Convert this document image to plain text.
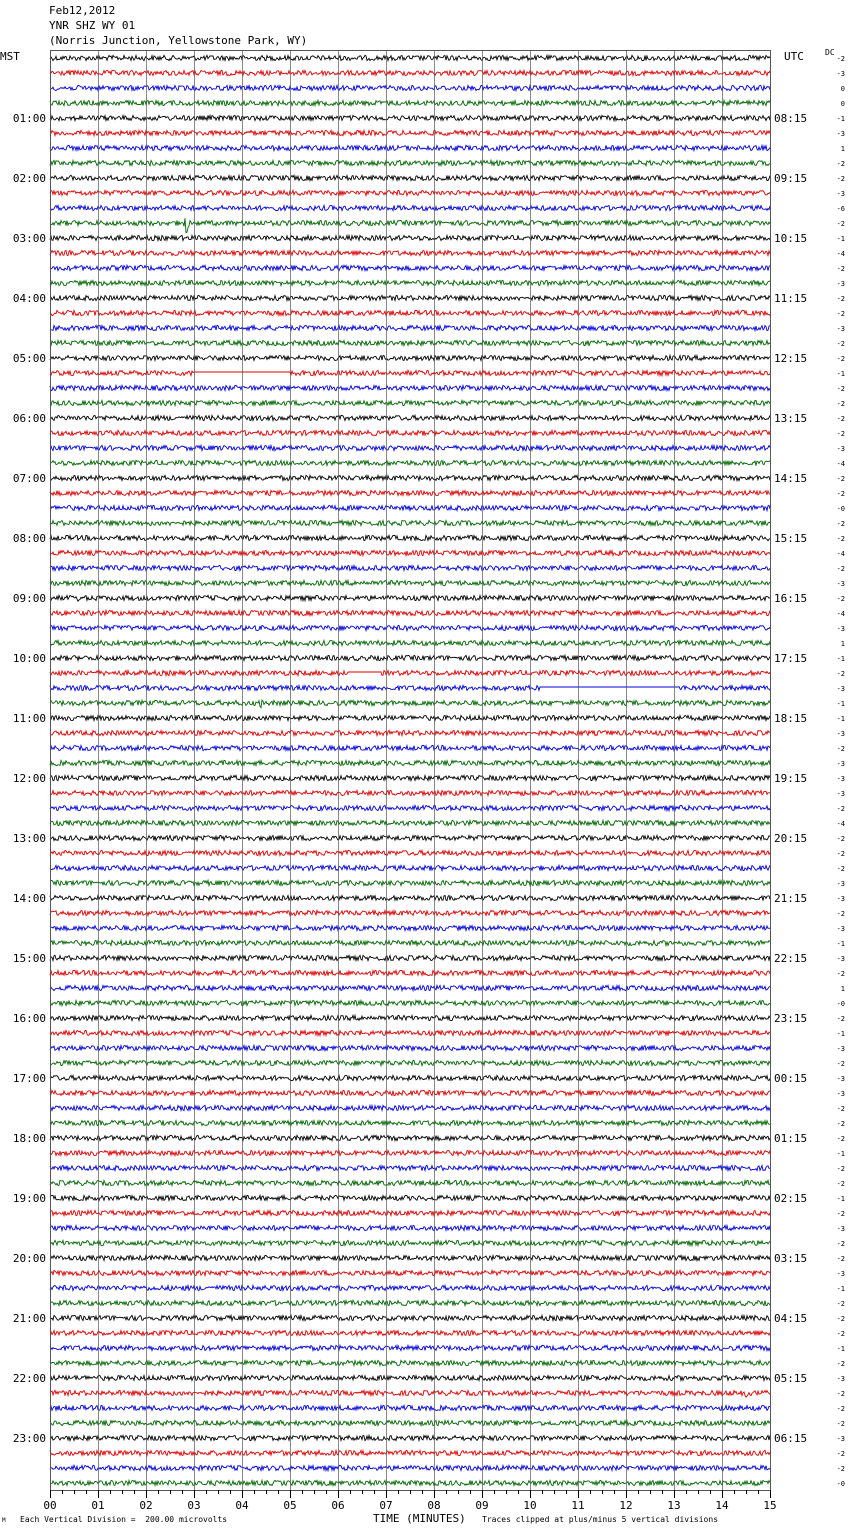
Feb12,2012
YNR SHZ WY 01
(Norris Junction, Yellowstone Park, WY)
MST	UTC	DC
01:00
02:00
03:00
04:00
05:00
06:00
07:00
08:00
09:00
10:00
11:00
12:00
13:00
14:00
15:00
16:00
17:00
18:00
19:00
20:00
21:00
22:00
23:00
08:15
09:15
10:15
11:15
12:15
13:15
14:15
15:15
16:15
17:15
18:15
19:15
20:15
21:15
22:15
23:15
00:15
01:15
02:15
03:15
04:15
05:15
06:15
-2
-3
0
0
-1
-3
1
-2
-2
-3
-6
-2
-1
-4
-2
-3
-2
-2
-3
-2
-2
-1
-2
-2
-2
-2
-3
-4
-2
-2
-0
-2
-2
-4
-2
-3
-2
-4
-3
1
-1
-2
-3
-1
-1
-3
-2
-3
-3
-3
-2
-4
-2
-2
-2
-3
-3
-2
-3
-1
-3
-2
1
-0
-2
-1
-3
-2
-3
-3
-2
-2
-2
-1
-2
-2
-1
-2
-3
-2
-2
-3
-1
-2
-2
-2
-1
-2
-3
-2
-2
-2
-3
-2
-2
-0
00	01	02	03	04	05	06	07	08	09	10	11	12	13	14	15
M Each Vertical Division =  200.00 microvolts	TIME (MINUTES) Traces clipped at plus/minus 5 vertical divisions
